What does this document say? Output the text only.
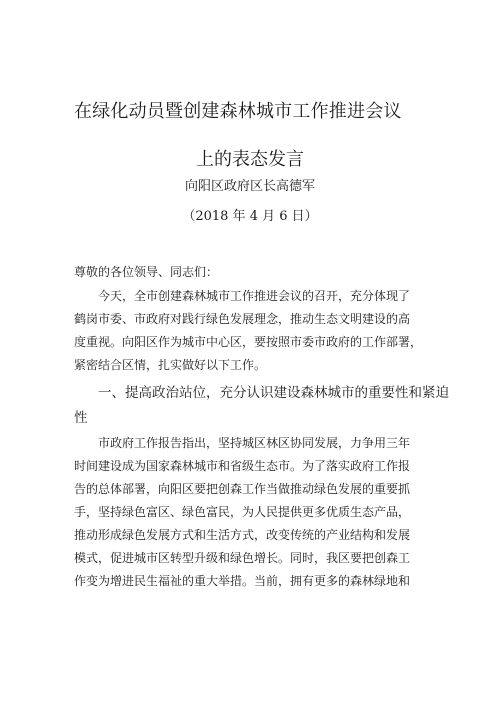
在绿化动员暨创建森林城市工作推进会议
上的表态发言
向阳区政府区长高德军
（2018 年 4 月 6 日）
尊敬的各位领导、同志们：
今天，全市创建森林城市工作推进会议的召开，充分体现了
鹤岗市委、市政府对践行绿色发展理念，推动生态文明建设的高
度重视。向阳区作为城市中心区，要按照市委市政府的工作部署，
紧密结合区情，扎实做好以下工作。
一、提高政治站位，充分认识建设森林城市的重要性和紧迫
性
市政府工作报告指出，坚持城区林区协同发展，力争用三年
时间建设成为国家森林城市和省级生态市。为了落实政府工作报
告的总体部署，向阳区要把创森工作当做推动绿色发展的重要抓
手，坚持绿色富区、绿色富民，为人民提供更多优质生态产品，
推动形成绿色发展方式和生活方式，改变传统的产业结构和发展
模式，促进城市区转型升级和绿色增长。同时，我区要把创森工
作变为增进民生福祉的重大举措。当前，拥有更多的森林绿地和
